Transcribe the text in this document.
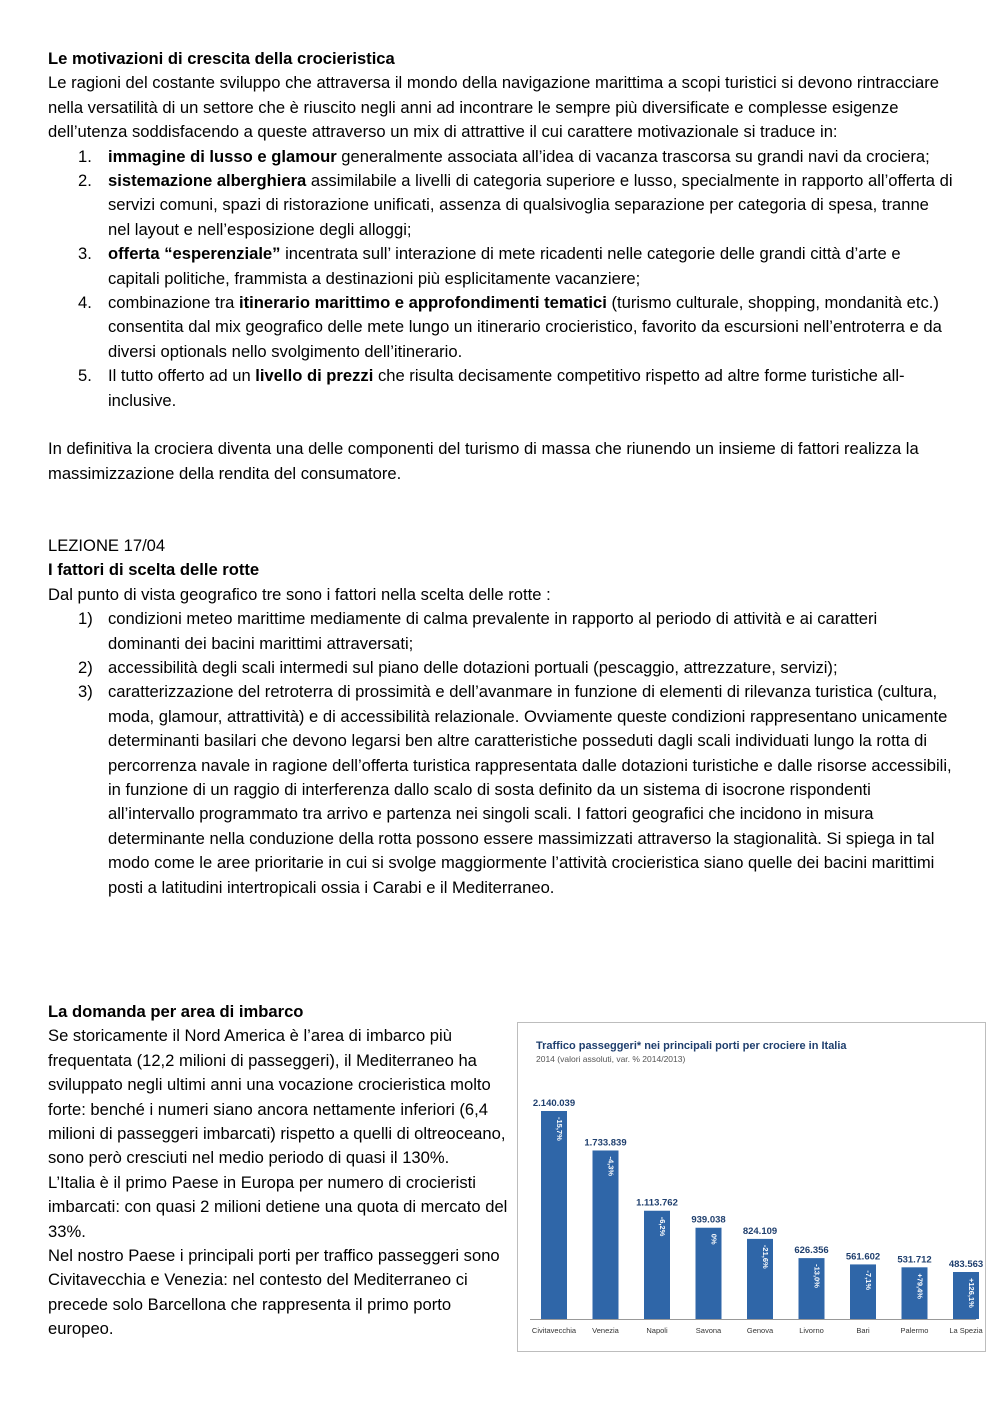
Le motivazioni di crescita della crocieristica

Le ragioni del costante sviluppo che attraversa il mondo della navigazione marittima a scopi turistici si devono rintracciare nella versatilità di un settore che è riuscito negli anni ad incontrare le sempre più diversificate e complesse esigenze dell’utenza soddisfacendo a queste attraverso un mix di attrattive il cui carattere motivazionale si traduce in:

1. immagine di lusso e glamour generalmente associata all’idea di vacanza trascorsa su grandi navi da crociera;
2. sistemazione alberghiera assimilabile a livelli di categoria superiore e lusso, specialmente in rapporto all’offerta di servizi comuni, spazi di ristorazione unificati, assenza di qualsivoglia separazione per categoria di spesa, tranne nel layout e nell’esposizione degli alloggi;
3. offerta “esperenziale” incentrata sull’ interazione di mete ricadenti nelle categorie delle grandi città d’arte e capitali politiche, frammista a destinazioni più esplicitamente vacanziere;
4. combinazione tra itinerario marittimo e approfondimenti tematici (turismo culturale, shopping, mondanità etc.) consentita dal mix geografico delle mete lungo un itinerario crocieristico, favorito da escursioni nell’entroterra e da diversi optionals nello svolgimento dell’itinerario.
5. Il tutto offerto ad un livello di prezzi che risulta decisamente competitivo rispetto ad altre forme turistiche all-inclusive.

In definitiva la crociera diventa una delle componenti del turismo di massa che riunendo un insieme di fattori realizza la massimizzazione della rendita del consumatore.

LEZIONE 17/04

I fattori di scelta delle rotte

Dal punto di vista geografico tre sono i fattori nella scelta delle rotte :

1) condizioni meteo marittime mediamente di calma prevalente in rapporto al periodo di attività e ai caratteri dominanti dei bacini marittimi attraversati;
2) accessibilità degli scali intermedi sul piano delle dotazioni portuali (pescaggio, attrezzature, servizi);
3) caratterizzazione del retroterra di prossimità e dell’avanmare in funzione di elementi di rilevanza turistica (cultura, moda, glamour, attrattività) e di accessibilità relazionale. Ovviamente queste condizioni rappresentano unicamente determinanti basilari che devono legarsi ben altre caratteristiche posseduti dagli scali individuati lungo la rotta di percorrenza navale in ragione dell’offerta turistica rappresentata dalle dotazioni turistiche e dalle risorse accessibili, in funzione di un raggio di interferenza dallo scalo di sosta definito da un sistema di isocrone rispondenti all’intervallo programmato tra arrivo e partenza nei singoli scali. I fattori geografici che incidono in misura determinante nella conduzione della rotta possono essere massimizzati attraverso la stagionalità. Si spiega in tal modo come le aree prioritarie in cui si svolge maggiormente l’attività crocieristica siano quelle dei bacini marittimi posti a latitudini intertropicali ossia i Carabi e il Mediterraneo.

La domanda per area di imbarco

Se storicamente il Nord America è l’area di imbarco più frequentata (12,2 milioni di passeggeri), il Mediterraneo ha sviluppato negli ultimi anni una vocazione crocieristica molto forte: benché i numeri siano ancora nettamente inferiori (6,4 milioni di passeggeri imbarcati) rispetto a quelli di oltreoceano, sono però cresciuti nel medio periodo di quasi il 130%.

L’Italia è il primo Paese in Europa per numero di crocieristi imbarcati: con quasi 2 milioni detiene una quota di mercato del 33%.

Nel nostro Paese i principali porti per traffico passeggeri sono Civitavecchia e Venezia: nel contesto del Mediterraneo ci precede solo Barcellona che rappresenta il primo porto europeo.

Traffico passeggeri* nei principali porti per crociere in Italia
2014 (valori assoluti, var. % 2014/2013)
2.140.039
-15,7%
Civitavecchia
1.733.839
-4,3%
Venezia
1.113.762
-6,2%
Napoli
939.038
0%
Savona
824.109
-21,6%
Genova
626.356
-13,0%
Livorno
561.602
-7,1%
Bari
531.712
+79,4%
Palermo
483.563
+126,1%
La Spezia
